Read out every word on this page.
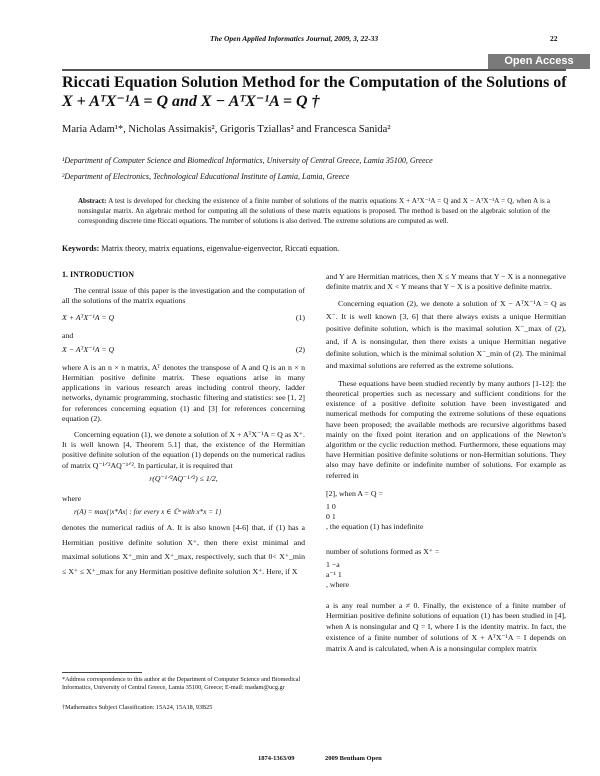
The Open Applied Informatics Journal, 2009, 3, 22-33	22
Open Access
Riccati Equation Solution Method for the Computation of the Solutions of
X + AᵀX⁻¹A = Q and X − AᵀX⁻¹A = Q †
Maria Adam¹*, Nicholas Assimakis², Grigoris Tziallas² and Francesca Sanida²
¹Department of Computer Science and Biomedical Informatics, University of Central Greece, Lamia 35100, Greece
²Department of Electronics, Technological Educational Institute of Lamia, Lamia, Greece
Abstract: A test is developed for checking the existence of a finite number of solutions of the matrix equations X + AᵀX⁻¹A = Q and X − AᵀX⁻¹A = Q, when A is a nonsingular matrix. An algebraic method for computing all the solutions of these matrix equations is proposed. The method is based on the algebraic solution of the corresponding discrete time Riccati equations. The number of solutions is also derived. The extreme solutions are computed as well.
Keywords: Matrix theory, matrix equations, eigenvalue-eigenvector, Riccati equation.
1. INTRODUCTION

The central issue of this paper is the investigation and the computation of all the solutions of the matrix equations

X + AᵀX⁻¹A = Q	(1)

and

X − AᵀX⁻¹A = Q	(2)

where A is an n × n matrix, Aᵀ denotes the transpose of A and Q is an n × n Hermitian positive definite matrix. These equations arise in many applications in various research areas including control theory, ladder networks, dynamic programming, stochastic filtering and statistics: see [1, 2] for references concerning equation (1) and [3] for references concerning equation (2).

Concerning equation (1), we denote a solution of X + AᵀX⁻¹A = Q as X⁺. It is well known [4, Theorem 5.1] that, the existence of the Hermitian positive definite solution of the equation (1) depends on the numerical radius of matrix Q⁻¹ᐟ²AQ⁻¹ᐟ². In particular, it is required that

r(Q⁻¹ᐟ²AQ⁻¹ᐟ²) ≤ 1/2,

where

r(A) = max{|x*Ax| : for every x ∈ ℂⁿ with x*x = 1}

denotes the numerical radius of A. It is also known [4-6] that, if (1) has a Hermitian positive definite solution X⁺, then there exist minimal and maximal solutions X⁺_min and X⁺_max, respectively, such that 0< X⁺_min ≤ X⁺ ≤ X⁺_max for any Hermitian positive definite solution X⁺. Here, if X

and Y are Hermitian matrices, then X ≤ Y means that Y − X is a nonnegative definite matrix and X < Y means that Y − X is a positive definite matrix.

Concerning equation (2), we denote a solution of X − AᵀX⁻¹A = Q as X⁻. It is well known [3, 6] that there always exists a unique Hermitian positive definite solution, which is the maximal solution X⁻_max of (2), and, if A is nonsingular, then there exists a unique Hermitian negative definite solution, which is the minimal solution X⁻_min of (2). The minimal and maximal solutions are referred as the extreme solutions.

These equations have been studied recently by many authors [1-12]: the theoretical properties such as necessary and sufficient conditions for the existence of a positive definite solution have been investigated and numerical methods for computing the extreme solutions of these equations have been proposed; the available methods are recursive algorithms based mainly on the fixed point iteration and on applications of the Newton's algorithm or the cyclic reduction method. Furthermore, these equations may have Hermitian positive definite solutions or non-Hermitian solutions. They also may have definite or indefinite number of solutions. For example as referred in

[2], when A = Q =

1 0
0 1
, the equation (1) has indefinite

number of solutions formed as X⁺ =

1 −a
a⁻¹ 1
, where

a is any real number a ≠ 0. Finally, the existence of a finite number of Hermitian positive definite solutions of equation (1) has been studied in [4], when A is nonsingular and Q = I, where I is the identity matrix. In fact, the existence of a finite number of solutions of X + AᵀX⁻¹A = I depends on matrix A and is calculated, when A is a nonsingular complex matrix

*Address correspondence to this author at the Department of Computer Science and Biomedical Informatics, University of Central Greece, Lamia 35100, Greece; E-mail: madam@ucg.gr
†Mathematics Subject Classification: 15A24, 15A18, 93B25
1874-1363/09	2009 Bentham Open
